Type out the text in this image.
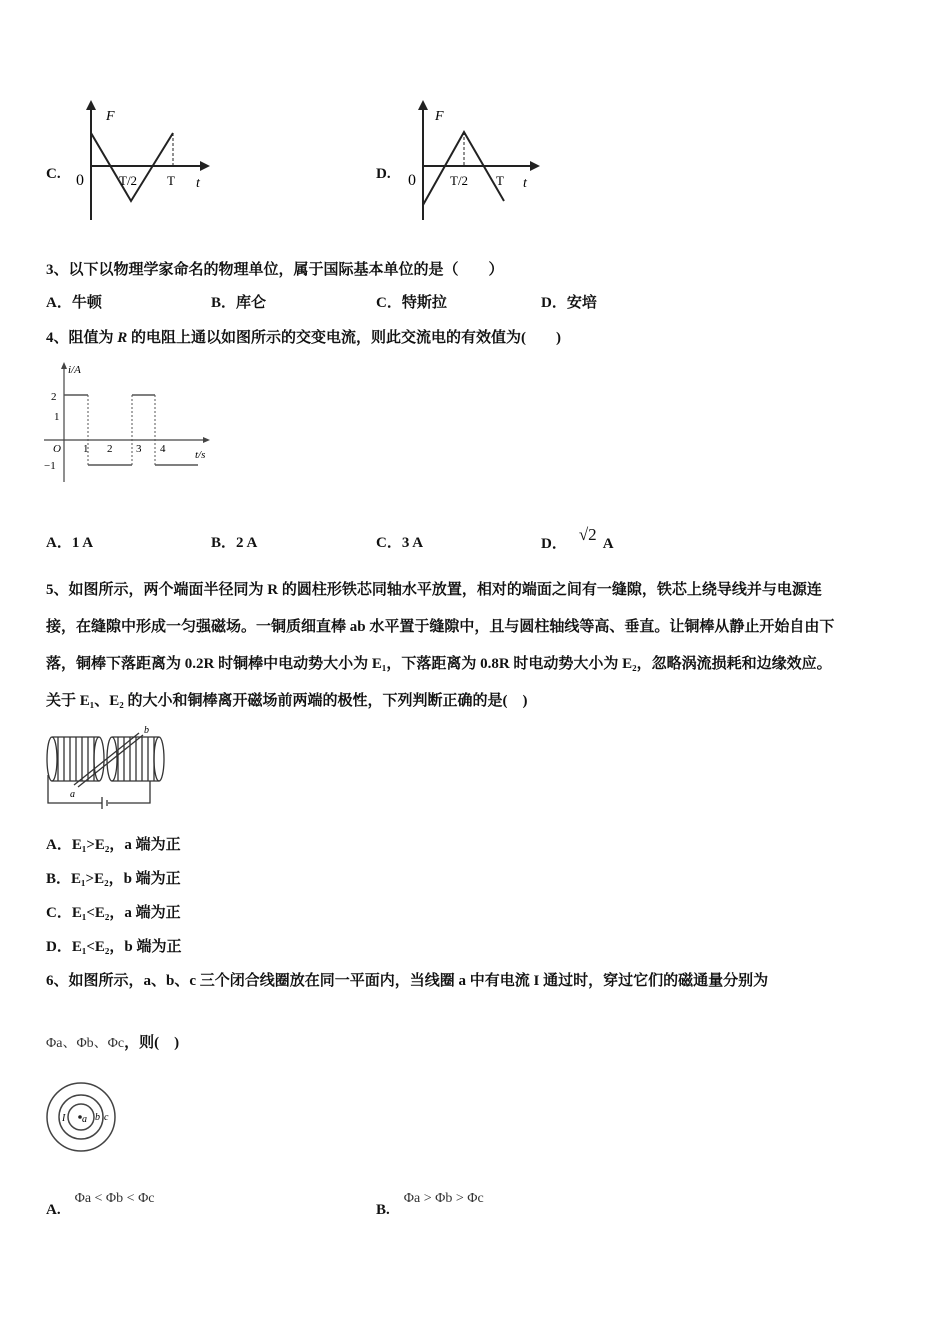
C.
F
0	T/2 T t
D.
F
0	T/2 T t
3、以下以物理学家命名的物理单位，属于国际基本单位的是（　　）
A．牛顿	B．库仑	C．特斯拉	D．安培
4、阻值为 R 的电阻上通以如图所示的交变电流，则此交流电的有效值为(　　)
i/A
2
1
−1
O 1 2 3 4	t/s
A．1 A	B．2 A	C．3 A	D． √2 A
5、如图所示，两个端面半径同为 R 的圆柱形铁芯同轴水平放置，相对的端面之间有一缝隙，铁芯上绕导线并与电源连
接，在缝隙中形成一匀强磁场。一铜质细直棒 ab 水平置于缝隙中，且与圆柱轴线等高、垂直。让铜棒从静止开始自由下
落，铜棒下落距离为 0.2R 时铜棒中电动势大小为 E₁，下落距离为 0.8R 时电动势大小为 E₂，忽略涡流损耗和边缘效应。
关于 E₁、E₂ 的大小和铜棒离开磁场前两端的极性，下列判断正确的是(　)
a
b
A．E₁>E₂，a 端为正
B．E₁>E₂，b 端为正
C．E₁<E₂，a 端为正
D．E₁<E₂，b 端为正
6、如图所示，a、b、c 三个闭合线圈放在同一平面内，当线圈 a 中有电流 I 通过时，穿过它们的磁通量分别为
Φa、Φb、Φc，则(　)
I a b c
A.Φa < Φb < Φc
B.Φa > Φb > Φc
